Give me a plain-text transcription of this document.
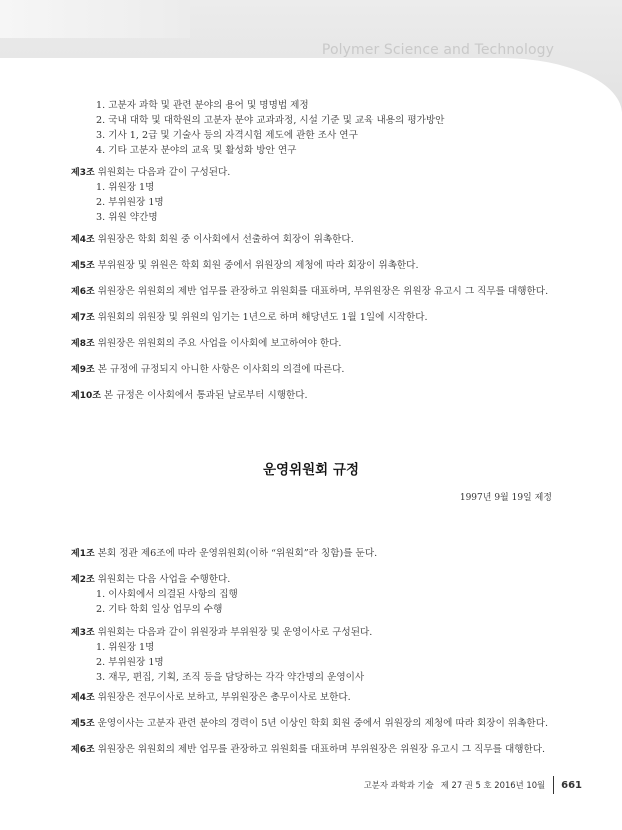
Polymer Science and Technology
1. 고분자 과학 및 관련 분야의 용어 및 명명법 제정
2. 국내 대학 및 대학원의 고분자 분야 교과과정, 시설 기준 및 교육 내용의 평가방안
3. 기사 1, 2급 및 기술사 등의 자격시험 제도에 관한 조사 연구
4. 기타 고분자 분야의 교육 및 활성화 방안 연구
제3조 위원회는 다음과 같이 구성된다.
1. 위원장 1명
2. 부위원장 1명
3. 위원 약간명
제4조 위원장은 학회 회원 중 이사회에서 선출하여 회장이 위촉한다.
제5조 부위원장 및 위원은 학회 회원 중에서 위원장의 제청에 따라 회장이 위촉한다.
제6조 위원장은 위원회의 제반 업무를 관장하고 위원회를 대표하며, 부위원장은 위원장 유고시 그 직무를 대행한다.
제7조 위원회의 위원장 및 위원의 임기는 1년으로 하며 해당년도 1월 1일에 시작한다.
제8조 위원장은 위원회의 주요 사업을 이사회에 보고하여야 한다.
제9조 본 규정에 규정되지 아니한 사항은 이사회의 의결에 따른다.
제10조 본 규정은 이사회에서 통과된 날로부터 시행한다.
운영위원회 규정
1997년 9월 19일 제정
제1조 본회 정관 제6조에 따라 운영위원회(이하 “위원회”라 칭함)를 둔다.
제2조 위원회는 다음 사업을 수행한다.
1. 이사회에서 의결된 사항의 집행
2. 기타 학회 일상 업무의 수행
제3조 위원회는 다음과 같이 위원장과 부위원장 및 운영이사로 구성된다.
1. 위원장 1명
2. 부위원장 1명
3. 재무, 편집, 기획, 조직 등을 담당하는 각각 약간명의 운영이사
제4조 위원장은 전무이사로 보하고, 부위원장은 총무이사로 보한다.
제5조 운영이사는 고분자 관련 분야의 경력이 5년 이상인 학회 회원 중에서 위원장의 제청에 따라 회장이 위촉한다.
제6조 위원장은 위원회의 제반 업무를 관장하고 위원회를 대표하며 부위원장은 위원장 유고시 그 직무를 대행한다.
고분자 과학과 기술 제 27 권 5 호 2016년 10월 661
